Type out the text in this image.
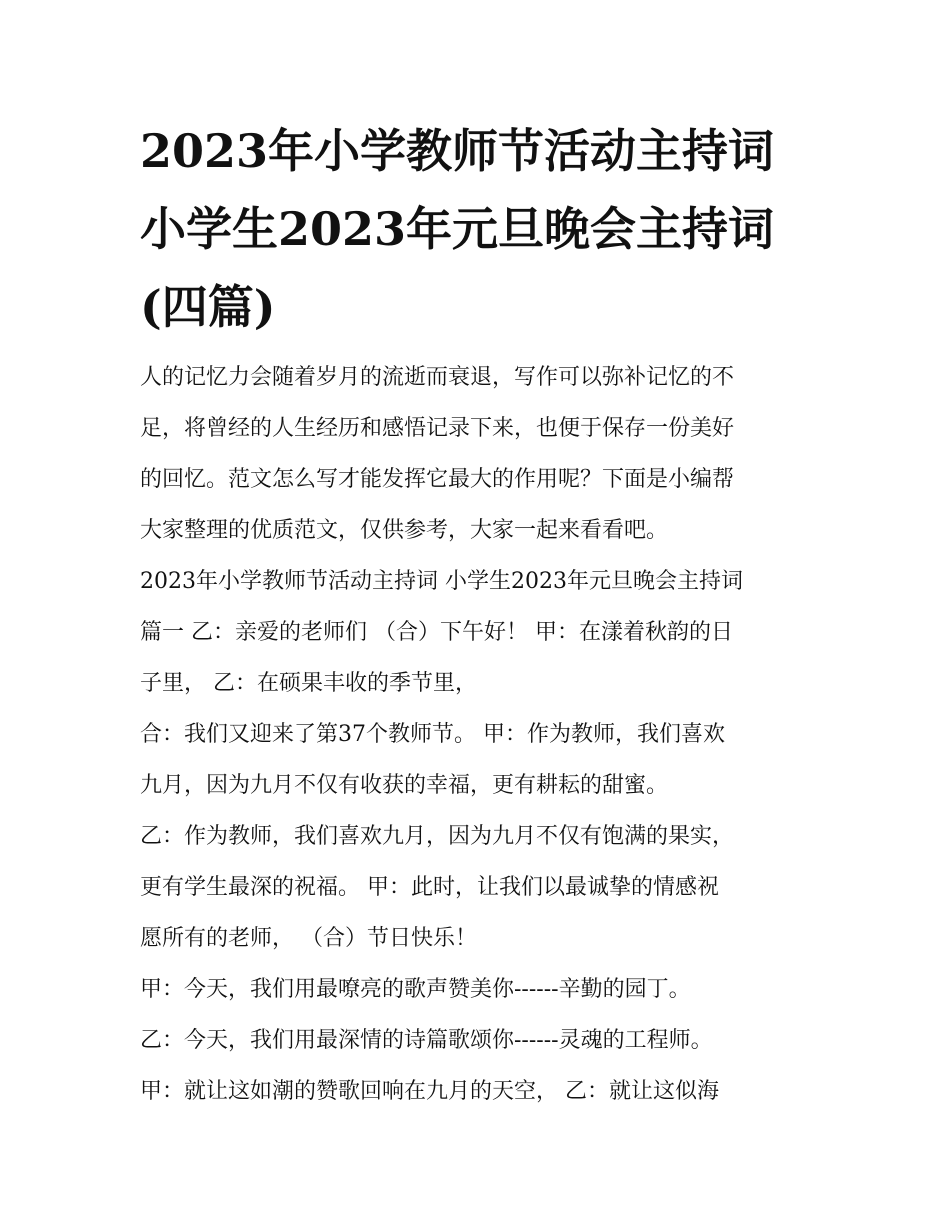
2023年小学教师节活动主持词
小学生2023年元旦晚会主持词
(四篇)
人的记忆力会随着岁月的流逝而衰退，写作可以弥补记忆的不
足，将曾经的人生经历和感悟记录下来，也便于保存一份美好
的回忆。范文怎么写才能发挥它最大的作用呢？下面是小编帮
大家整理的优质范文，仅供参考，大家一起来看看吧。
2023年小学教师节活动主持词 小学生2023年元旦晚会主持词
篇一 乙：亲爱的老师们 （合）下午好！ 甲：在漾着秋韵的日
子里， 乙：在硕果丰收的季节里，
合：我们又迎来了第37个教师节。 甲：作为教师，我们喜欢
九月，因为九月不仅有收获的幸福，更有耕耘的甜蜜。
乙：作为教师，我们喜欢九月，因为九月不仅有饱满的果实，
更有学生最深的祝福。 甲：此时，让我们以最诚挚的情感祝
愿所有的老师， （合）节日快乐！
甲：今天，我们用最嘹亮的歌声赞美你------辛勤的园丁。
乙：今天，我们用最深情的诗篇歌颂你------灵魂的工程师。
甲：就让这如潮的赞歌回响在九月的天空， 乙：就让这似海
